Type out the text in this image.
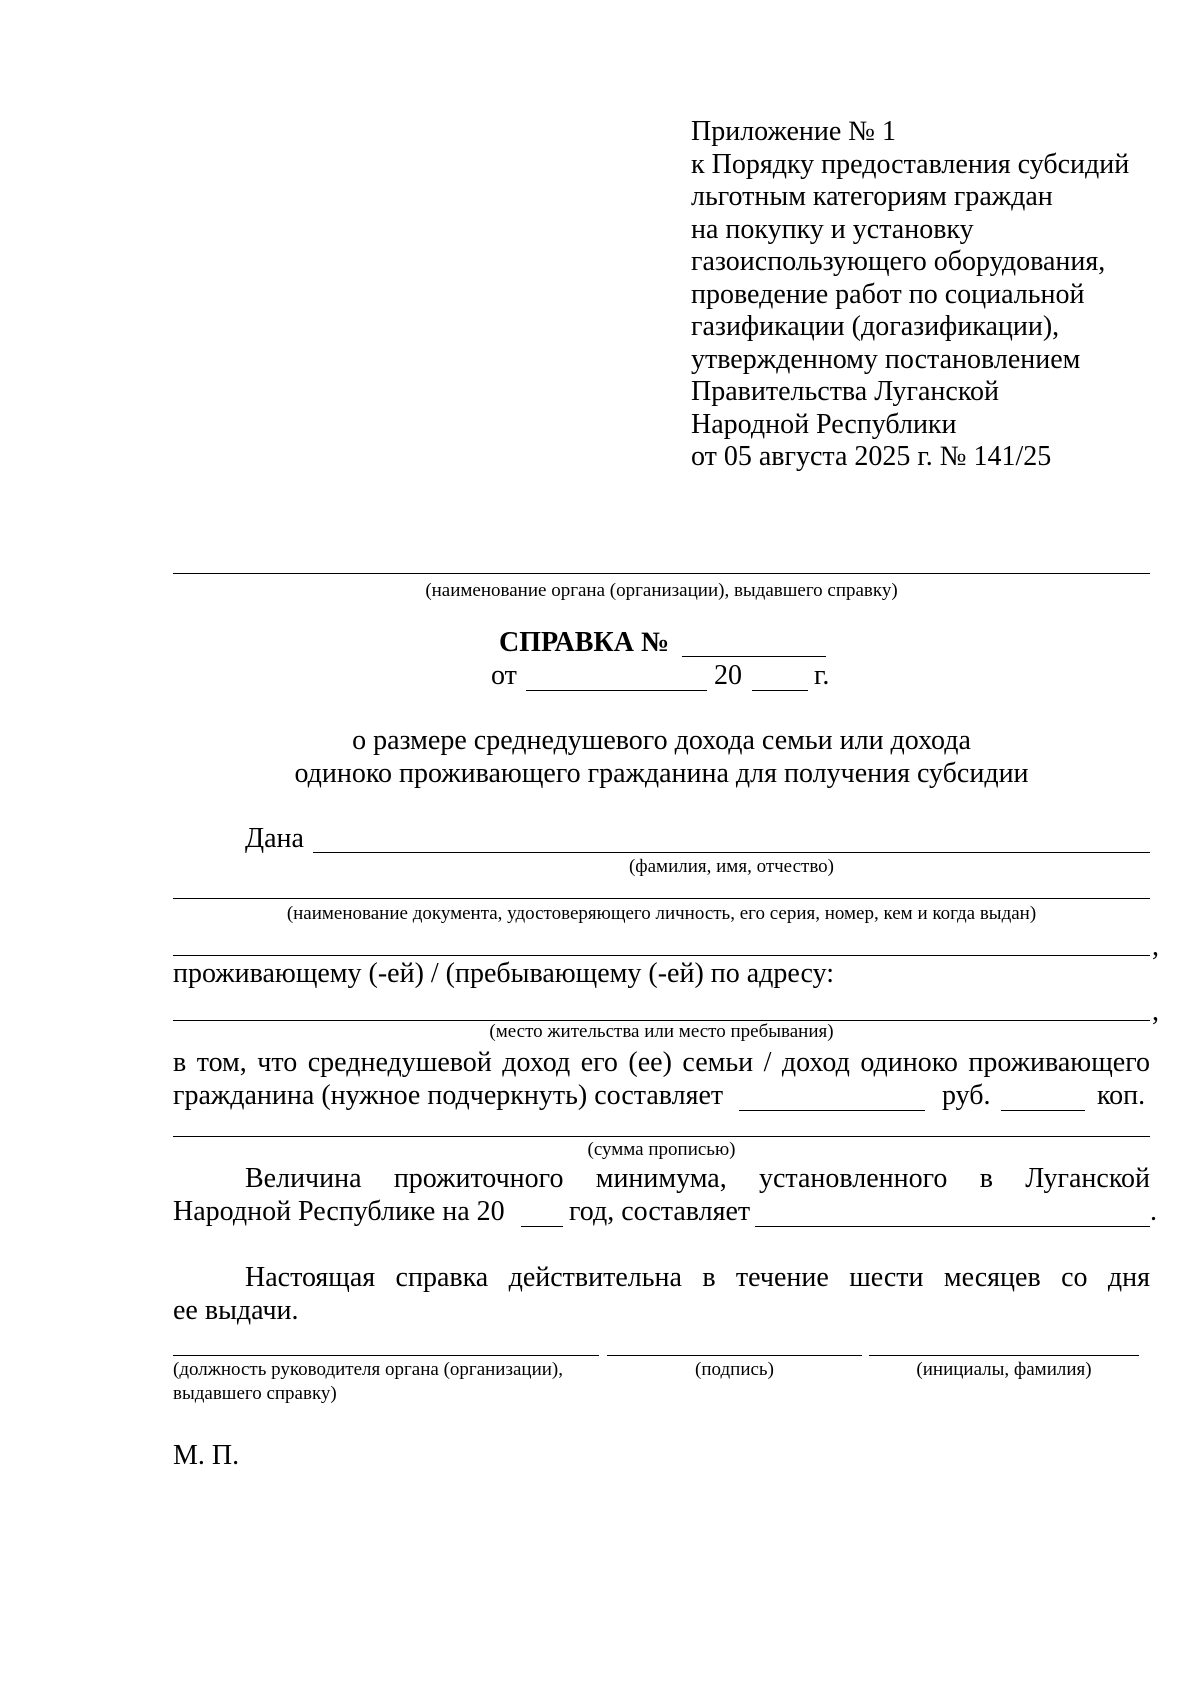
Приложение № 1
к Порядку предоставления субсидий
льготным категориям граждан
на покупку и установку
газоиспользующего оборудования,
проведение работ по социальной
газификации (догазификации),
утвержденному постановлением
Правительства Луганской
Народной Республики
от 05 августа 2025 г. № 141/25
(наименование органа (организации), выдавшего справку)
СПРАВКА №
от	20	г.
о размере среднедушевого дохода семьи или дохода
одиноко проживающего гражданина для получения субсидии
Дана
(фамилия, имя, отчество)
(наименование документа, удостоверяющего личность, его серия, номер, кем и когда выдан)
,
проживающему (-ей) / (пребывающему (-ей) по адресу:
,
(место жительства или место пребывания)
в том, что среднедушевой доход его (ее) семьи / доход одиноко проживающего
гражданина (нужное подчеркнуть) составляет	руб.	коп.
(сумма прописью)
Величина прожиточного минимума, установленного в Луганской
Народной Республике на 20 год, составляет	.
Настоящая справка действительна в течение шести месяцев со дня
ее выдачи.
(должность руководителя органа (организации),
выдавшего справку)
(подпись)	(инициалы, фамилия)
М. П.
